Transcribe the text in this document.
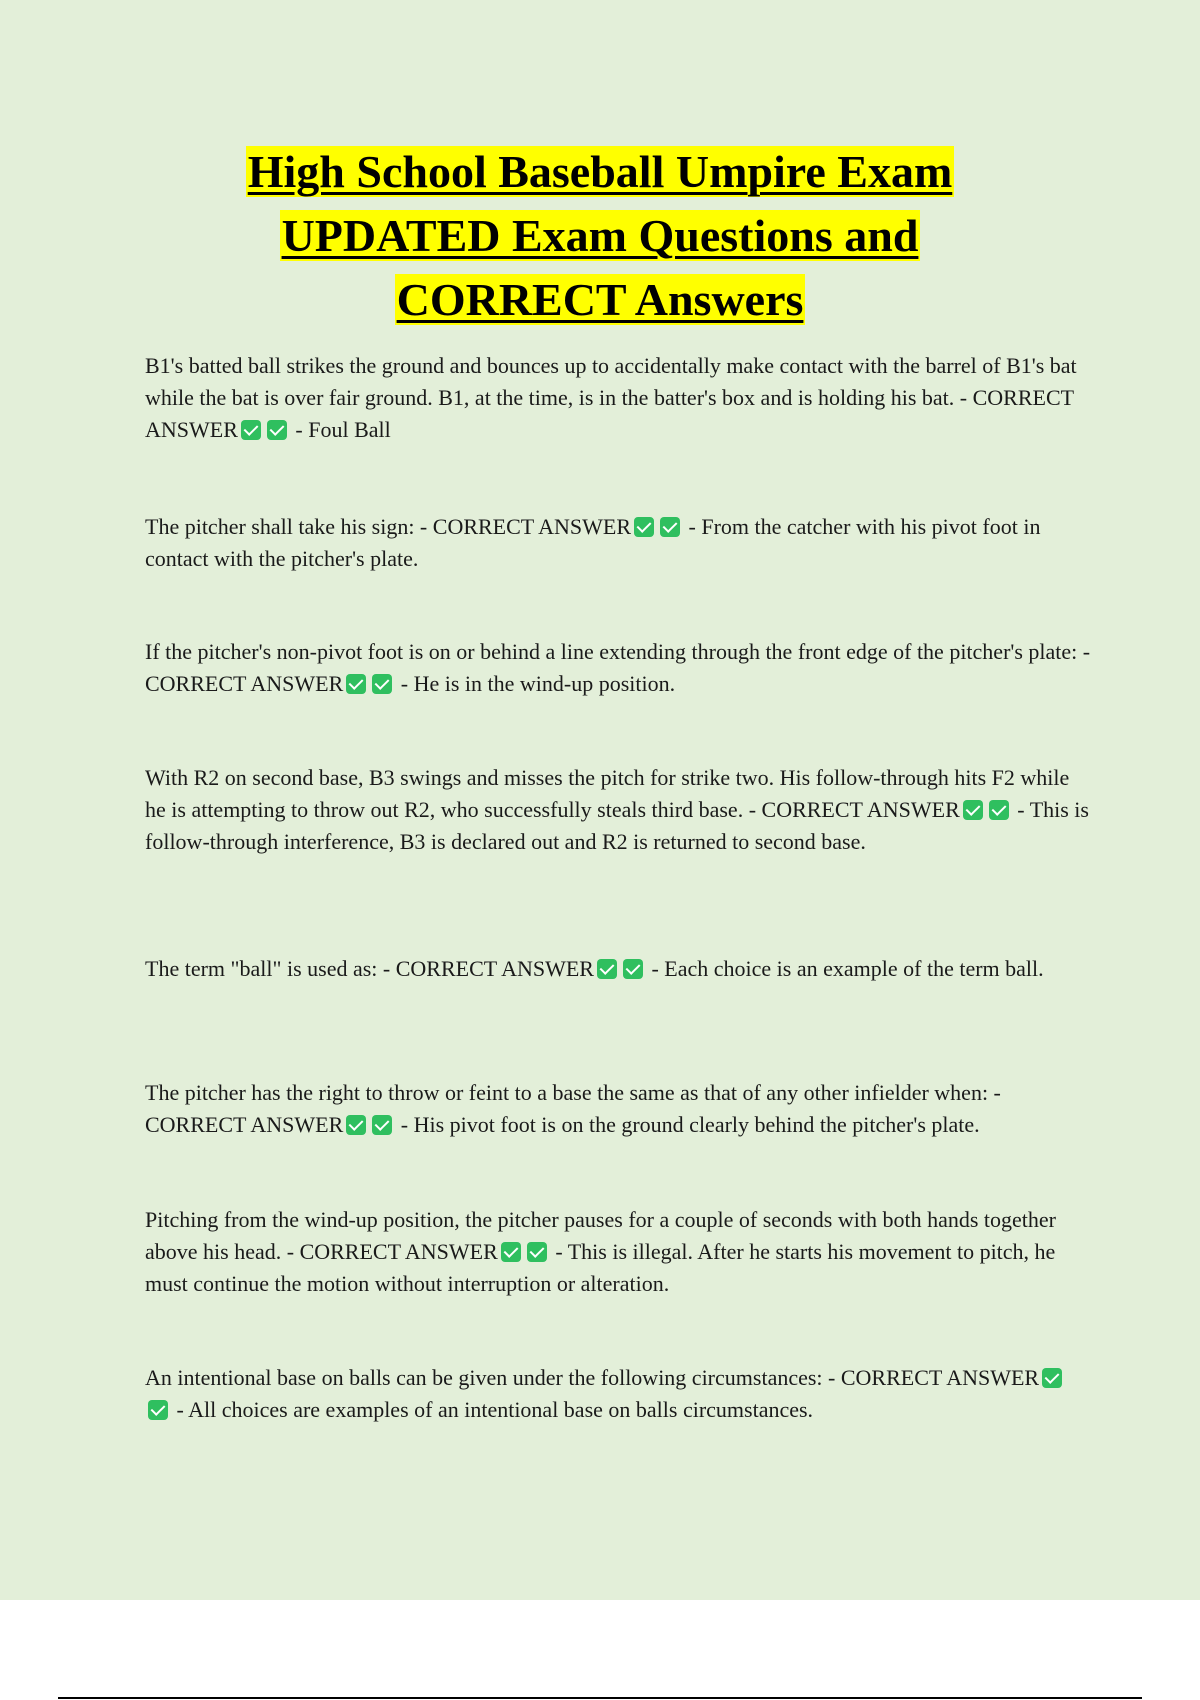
High School Baseball Umpire Exam
UPDATED Exam Questions and
CORRECT Answers

B1's batted ball strikes the ground and bounces up to accidentally make contact with the barrel of B1's bat while the bat is over fair ground. B1, at the time, is in the batter's box and is holding his bat. - CORRECT ANSWER - Foul Ball

The pitcher shall take his sign: - CORRECT ANSWER - From the catcher with his pivot foot in contact with the pitcher's plate.

If the pitcher's non-pivot foot is on or behind a line extending through the front edge of the pitcher's plate: - CORRECT ANSWER - He is in the wind-up position.

With R2 on second base, B3 swings and misses the pitch for strike two. His follow-through hits F2 while he is attempting to throw out R2, who successfully steals third base. - CORRECT ANSWER - This is follow-through interference, B3 is declared out and R2 is returned to second base.

The term "ball" is used as: - CORRECT ANSWER - Each choice is an example of the term ball.

The pitcher has the right to throw or feint to a base the same as that of any other infielder when: - CORRECT ANSWER - His pivot foot is on the ground clearly behind the pitcher's plate.

Pitching from the wind-up position, the pitcher pauses for a couple of seconds with both hands together above his head. - CORRECT ANSWER - This is illegal. After he starts his movement to pitch, he must continue the motion without interruption or alteration.

An intentional base on balls can be given under the following circumstances: - CORRECT ANSWER - All choices are examples of an intentional base on balls circumstances.
